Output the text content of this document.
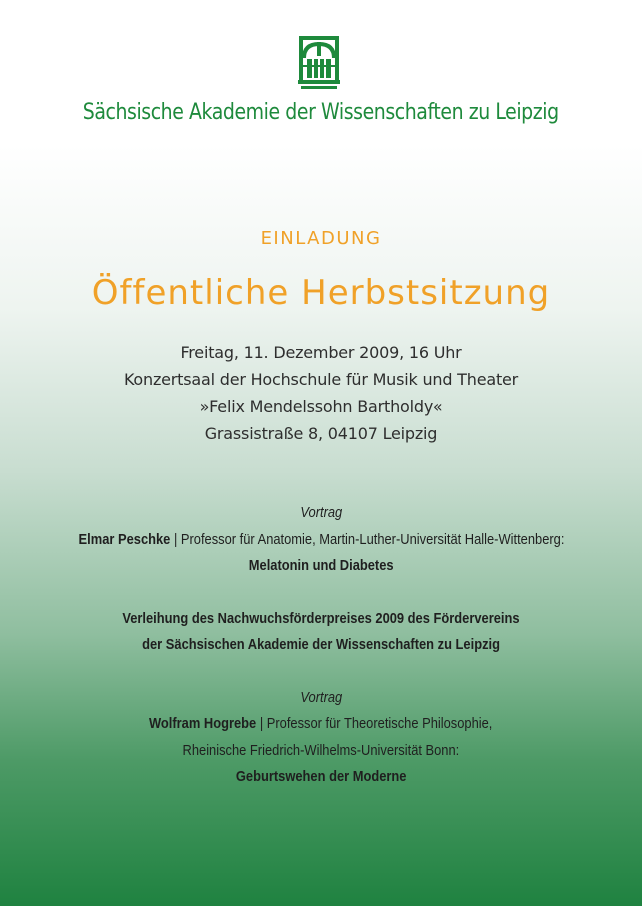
Sächsische Akademie der Wissenschaften zu Leipzig
EINLADUNG
Öffentliche Herbstsitzung
Freitag, 11. Dezember 2009, 16 Uhr
Konzertsaal der Hochschule für Musik und Theater
»Felix Mendelssohn Bartholdy«
Grassistraße 8, 04107 Leipzig
Vortrag
Elmar Peschke | Professor für Anatomie, Martin-Luther-Universität Halle-Wittenberg:
Melatonin und Diabetes
Verleihung des Nachwuchsförderpreises 2009 des Fördervereins
der Sächsischen Akademie der Wissenschaften zu Leipzig
Vortrag
Wolfram Hogrebe | Professor für Theoretische Philosophie,
Rheinische Friedrich-Wilhelms-Universität Bonn:
Geburtswehen der Moderne
